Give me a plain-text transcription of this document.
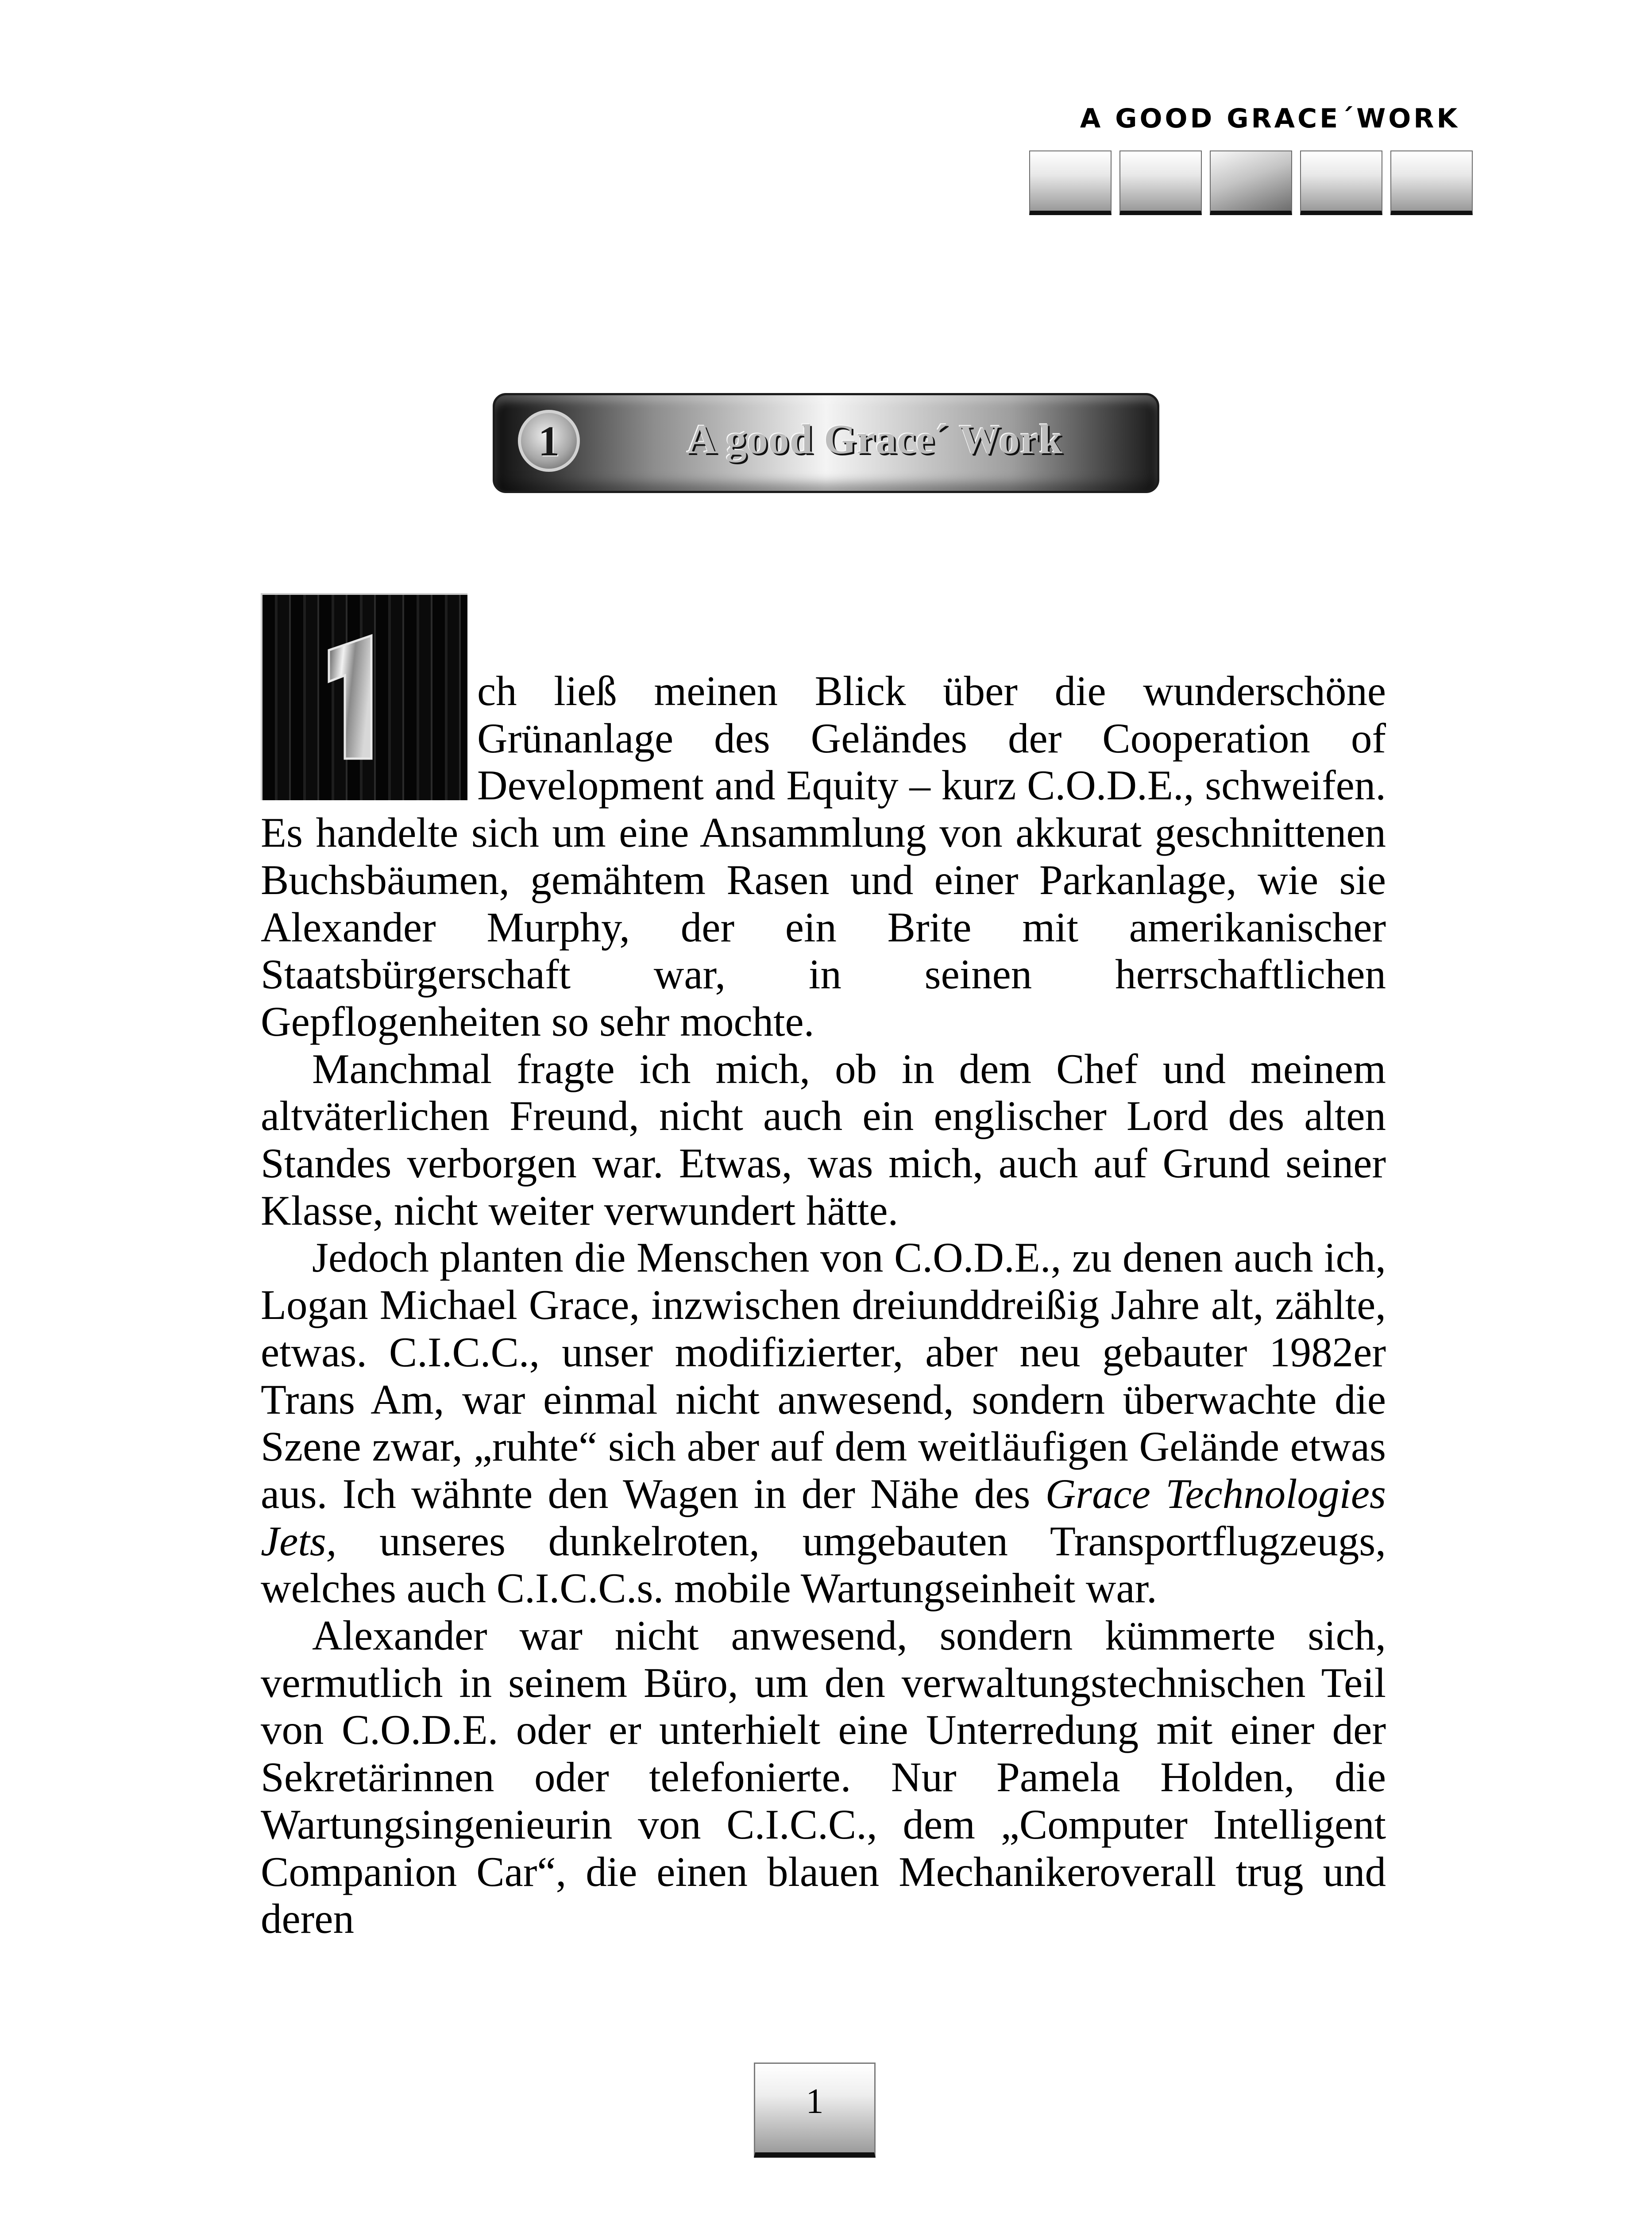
A GOOD GRACE´WORK
1	A good Grace´ Work

ch ließ meinen Blick über die wunderschöne Grünanlage des Geländes der Cooperation of Development and Equity – kurz C.O.D.E., schweifen. Es handelte sich um eine Ansammlung von akkurat geschnittenen Buchsbäumen, gemähtem Rasen und einer Parkanlage, wie sie Alexander Murphy, der ein Brite mit amerikanischer Staatsbürgerschaft war, in seinen herrschaftlichen Gepflogenheiten so sehr mochte.

Manchmal fragte ich mich, ob in dem Chef und meinem altväterlichen Freund, nicht auch ein englischer Lord des alten Standes verborgen war. Etwas, was mich, auch auf Grund seiner Klasse, nicht weiter verwundert hätte.

Jedoch planten die Menschen von C.O.D.E., zu denen auch ich, Logan Michael Grace, inzwischen dreiunddreißig Jahre alt, zählte, etwas. C.I.C.C., unser modifizierter, aber neu gebauter 1982er Trans Am, war einmal nicht anwesend, sondern überwachte die Szene zwar, „ruhte“ sich aber auf dem weitläufigen Gelände etwas aus. Ich wähnte den Wagen in der Nähe des Grace Technologies Jets, unseres dunkelroten, umgebauten Transportflugzeugs, welches auch C.I.C.C.s. mobile Wartungseinheit war.

Alexander war nicht anwesend, sondern kümmerte sich, vermutlich in seinem Büro, um den verwaltungstechnischen Teil von C.O.D.E. oder er unterhielt eine Unterredung mit einer der Sekretärinnen oder telefonierte. Nur Pamela Holden, die Wartungsingenieurin von C.I.C.C., dem „Computer Intelligent Companion Car“, die einen blauen Mechanikeroverall trug und deren

1
